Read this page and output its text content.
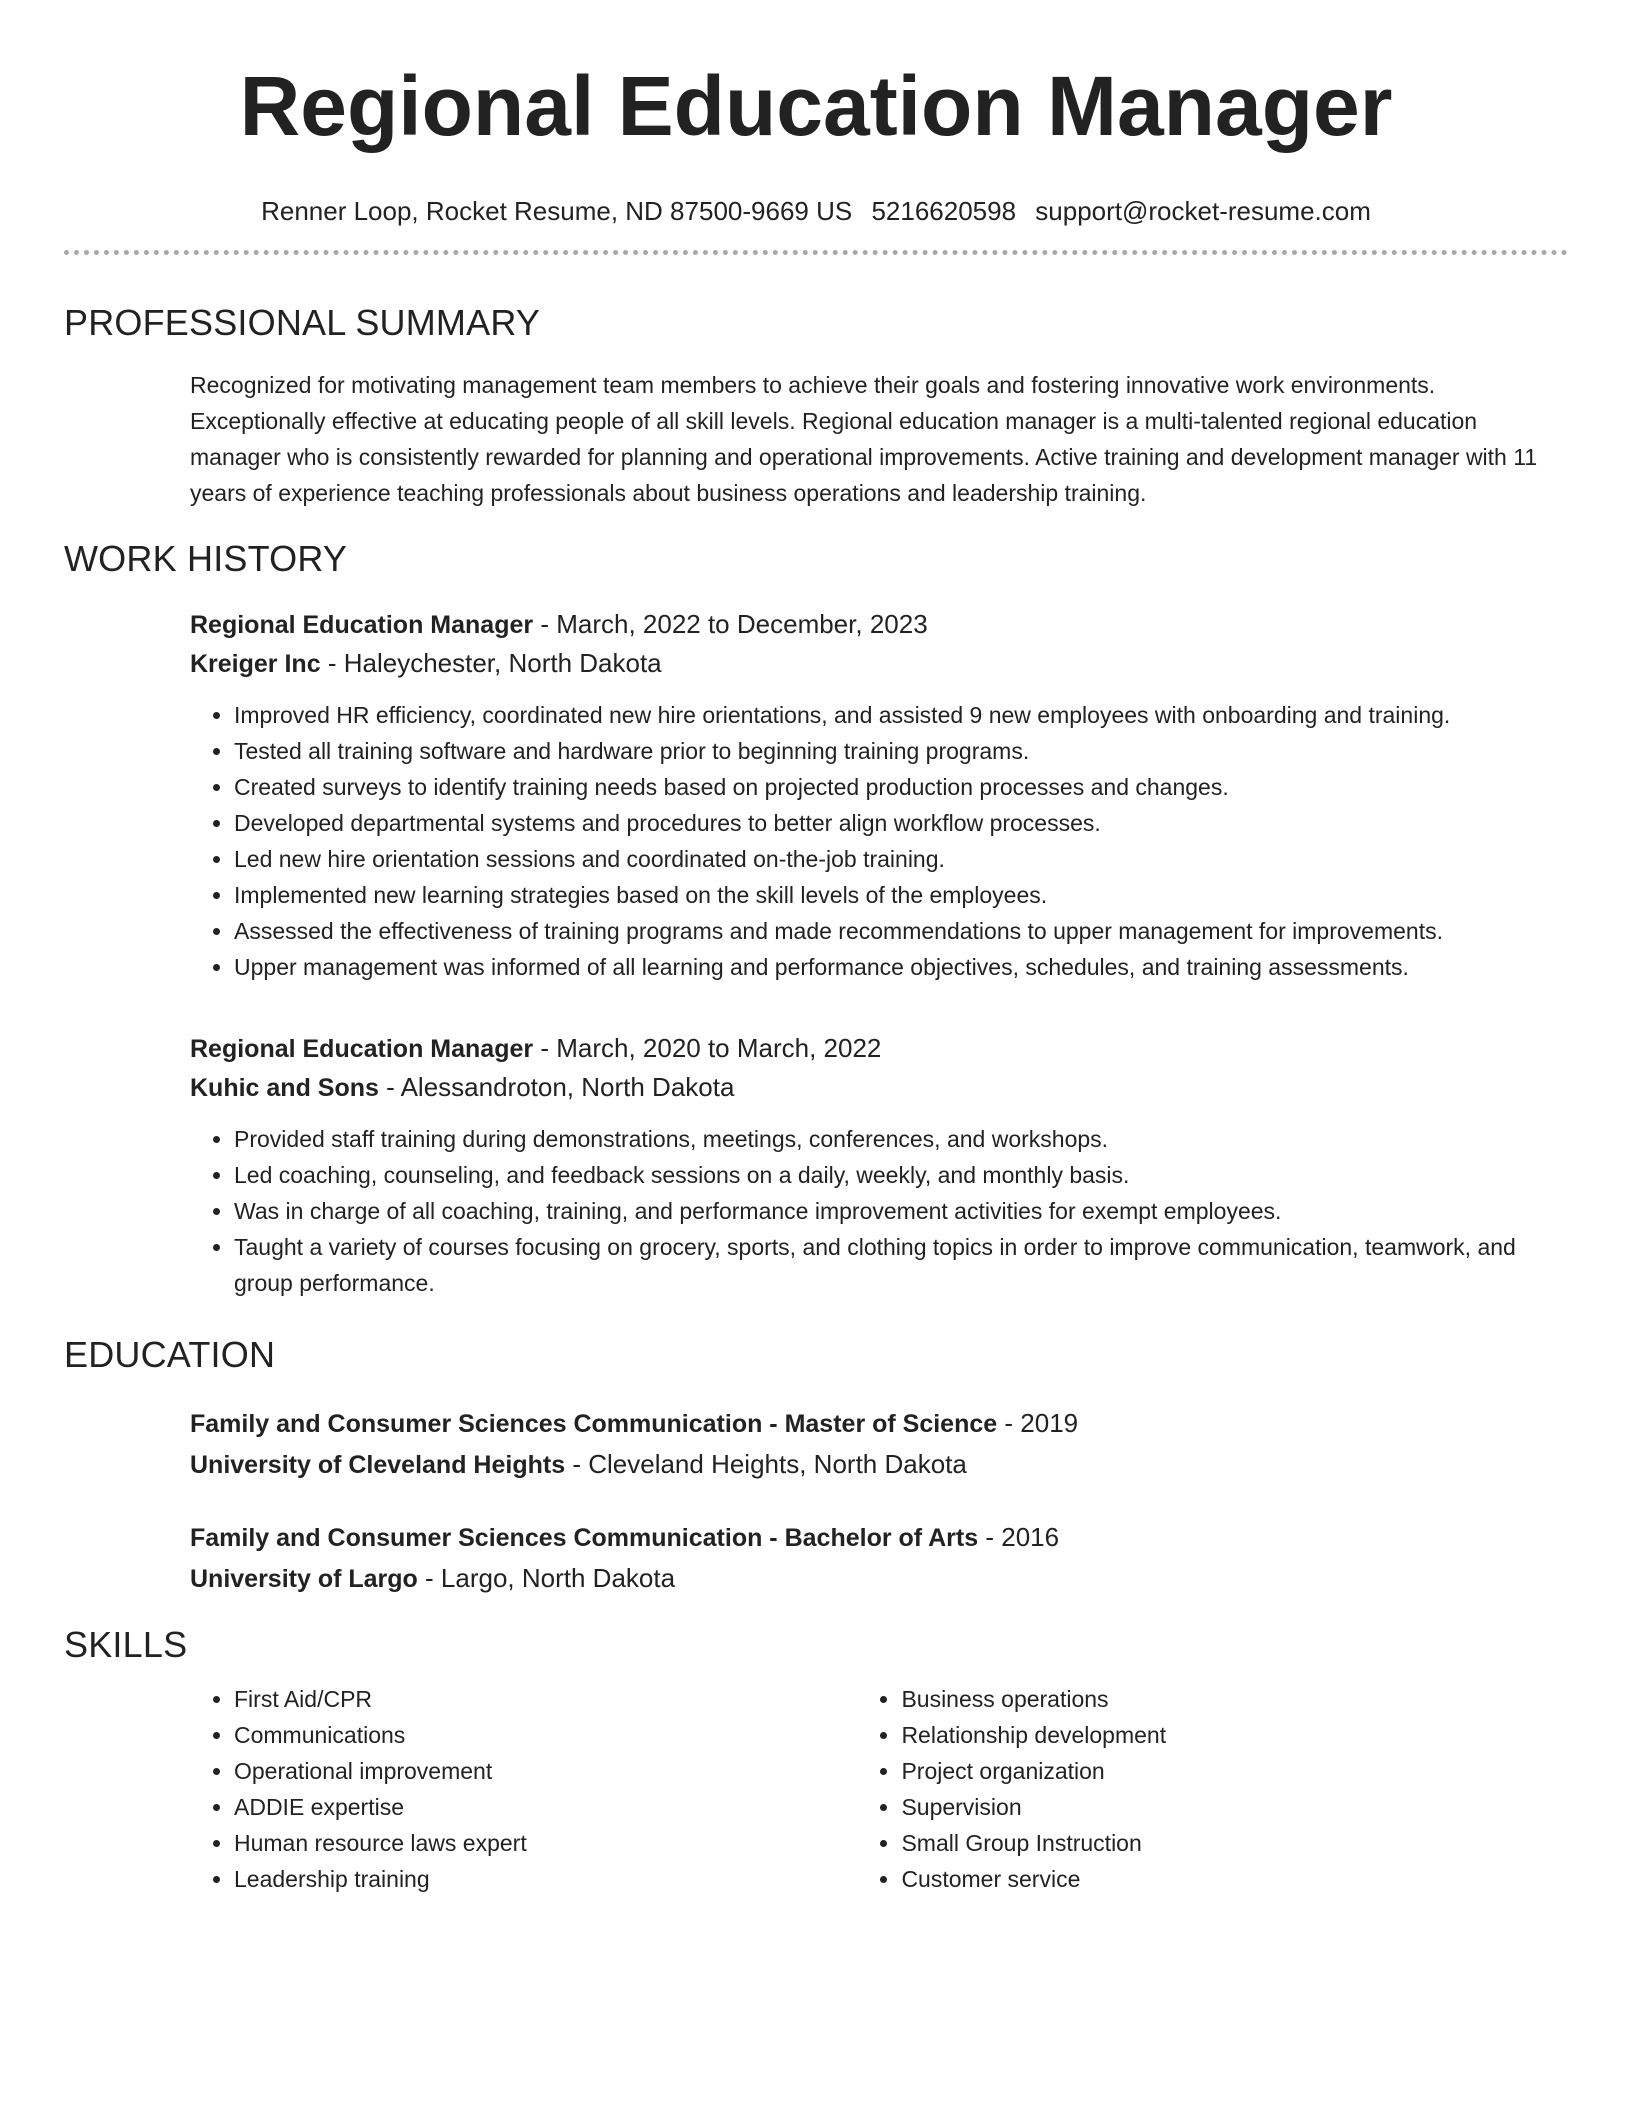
Regional Education Manager
Renner Loop, Rocket Resume, ND 87500-9669 US 5216620598 support@rocket-resume.com
PROFESSIONAL SUMMARY
Recognized for motivating management team members to achieve their goals and fostering innovative work environments. Exceptionally effective at educating people of all skill levels. Regional education manager is a multi-talented regional education manager who is consistently rewarded for planning and operational improvements. Active training and development manager with 11 years of experience teaching professionals about business operations and leadership training.
WORK HISTORY
Regional Education Manager - March, 2022 to December, 2023
Kreiger Inc - Haleychester, North Dakota
• Improved HR efficiency, coordinated new hire orientations, and assisted 9 new employees with onboarding and training.
• Tested all training software and hardware prior to beginning training programs.
• Created surveys to identify training needs based on projected production processes and changes.
• Developed departmental systems and procedures to better align workflow processes.
• Led new hire orientation sessions and coordinated on-the-job training.
• Implemented new learning strategies based on the skill levels of the employees.
• Assessed the effectiveness of training programs and made recommendations to upper management for improvements.
• Upper management was informed of all learning and performance objectives, schedules, and training assessments.
Regional Education Manager - March, 2020 to March, 2022
Kuhic and Sons - Alessandroton, North Dakota
• Provided staff training during demonstrations, meetings, conferences, and workshops.
• Led coaching, counseling, and feedback sessions on a daily, weekly, and monthly basis.
• Was in charge of all coaching, training, and performance improvement activities for exempt employees.
• Taught a variety of courses focusing on grocery, sports, and clothing topics in order to improve communication, teamwork, and group performance.
EDUCATION
Family and Consumer Sciences Communication - Master of Science - 2019
University of Cleveland Heights - Cleveland Heights, North Dakota
Family and Consumer Sciences Communication - Bachelor of Arts - 2016
University of Largo - Largo, North Dakota
SKILLS
• First Aid/CPR
• Communications
• Operational improvement
• ADDIE expertise
• Human resource laws expert
• Leadership training
• Business operations
• Relationship development
• Project organization
• Supervision
• Small Group Instruction
• Customer service
